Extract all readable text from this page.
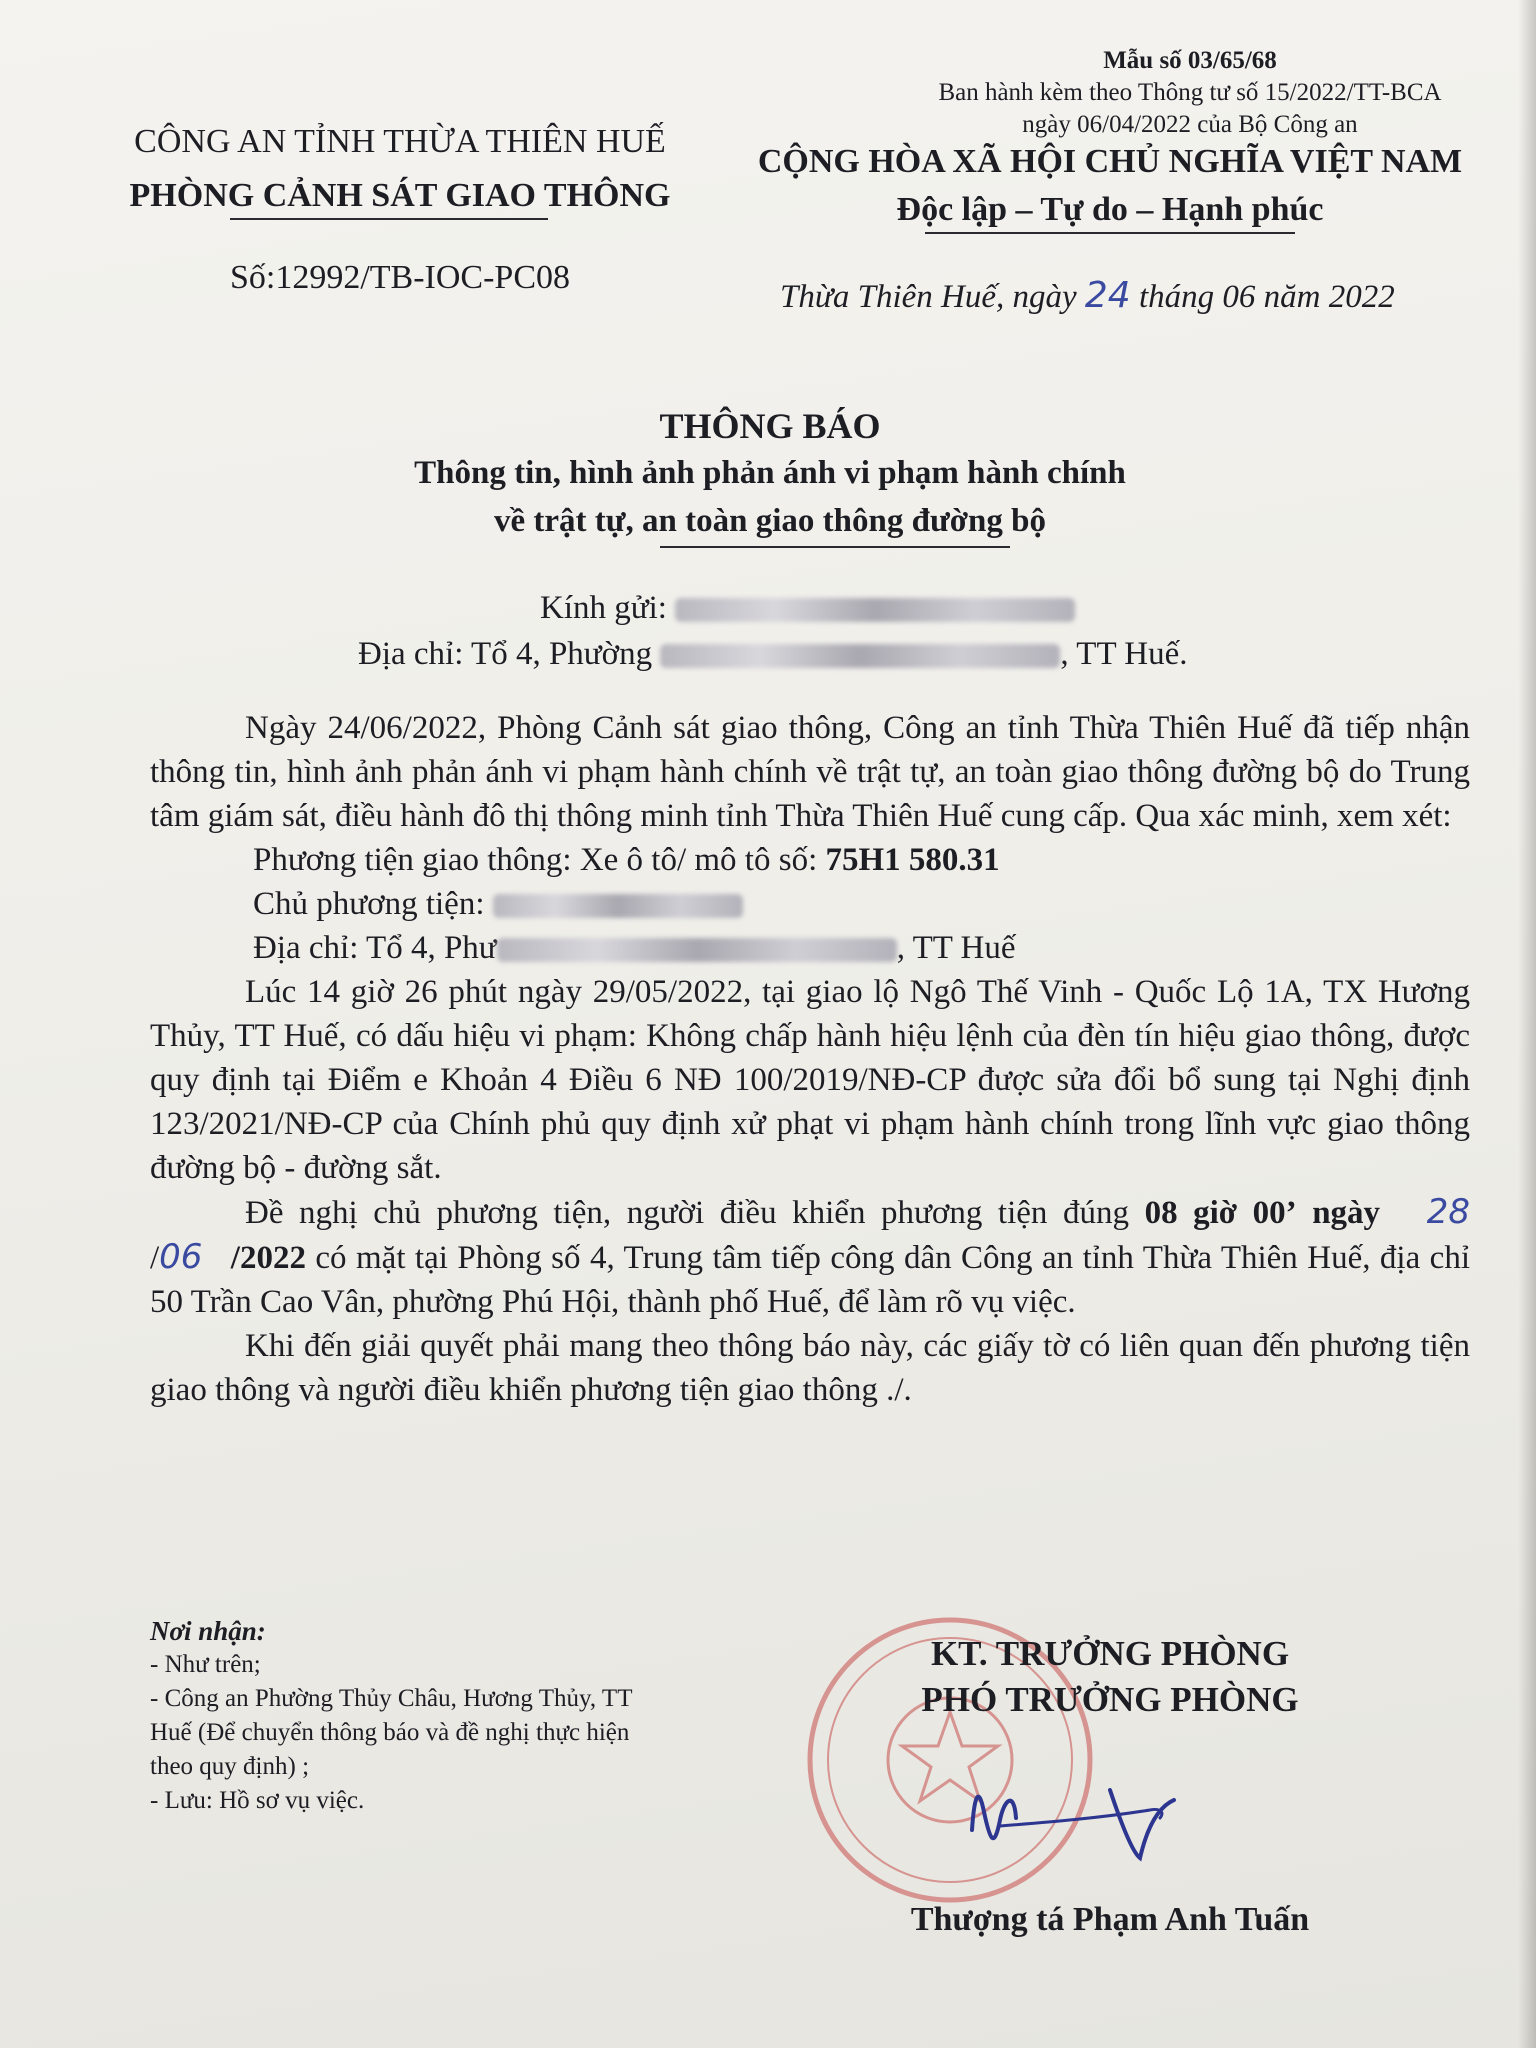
Mẫu số 03/65/68
Ban hành kèm theo Thông tư số 15/2022/TT-BCA
ngày 06/04/2022 của Bộ Công an
CÔNG AN TỈNH THỪA THIÊN HUẾ
PHÒNG CẢNH SÁT GIAO THÔNG
Số:12992/TB-IOC-PC08
CỘNG HÒA XÃ HỘI CHỦ NGHĨA VIỆT NAM
Độc lập – Tự do – Hạnh phúc
Thừa Thiên Huế, ngày 24 tháng 06 năm 2022
THÔNG BÁO
Thông tin, hình ảnh phản ánh vi phạm hành chính
về trật tự, an toàn giao thông đường bộ
Kính gửi:
Địa chỉ: Tổ 4, Phường	, TT Huế.

Ngày 24/06/2022, Phòng Cảnh sát giao thông, Công an tỉnh Thừa Thiên Huế đã tiếp nhận thông tin, hình ảnh phản ánh vi phạm hành chính về trật tự, an toàn giao thông đường bộ do Trung tâm giám sát, điều hành đô thị thông minh tỉnh Thừa Thiên Huế cung cấp. Qua xác minh, xem xét:

Phương tiện giao thông: Xe ô tô/ mô tô số: 75H1 580.31

Chủ phương tiện:

Địa chỉ: Tổ 4, Phư	, TT Huế

Lúc 14 giờ 26 phút ngày 29/05/2022, tại giao lộ Ngô Thế Vinh - Quốc Lộ 1A, TX Hương Thủy, TT Huế, có dấu hiệu vi phạm: Không chấp hành hiệu lệnh của đèn tín hiệu giao thông, được quy định tại Điểm e Khoản 4 Điều 6 NĐ 100/2019/NĐ-CP được sửa đổi bổ sung tại Nghị định 123/2021/NĐ-CP của Chính phủ quy định xử phạt vi phạm hành chính trong lĩnh vực giao thông đường bộ - đường sắt.

Đề nghị chủ phương tiện, người điều khiển phương tiện đúng 08 giờ 00’ ngày 28 /06 /2022 có mặt tại Phòng số 4, Trung tâm tiếp công dân Công an tỉnh Thừa Thiên Huế, địa chỉ 50 Trần Cao Vân, phường Phú Hội, thành phố Huế, để làm rõ vụ việc.

Khi đến giải quyết phải mang theo thông báo này, các giấy tờ có liên quan đến phương tiện giao thông và người điều khiển phương tiện giao thông ./.

Nơi nhận:

- Như trên;

- Công an Phường Thủy Châu, Hương Thủy, TT

Huế (Để chuyển thông báo và đề nghị thực hiện

theo quy định) ;

- Lưu: Hồ sơ vụ việc.

KT. TRƯỞNG PHÒNG
PHÓ TRƯỞNG PHÒNG
Thượng tá Phạm Anh Tuấn
